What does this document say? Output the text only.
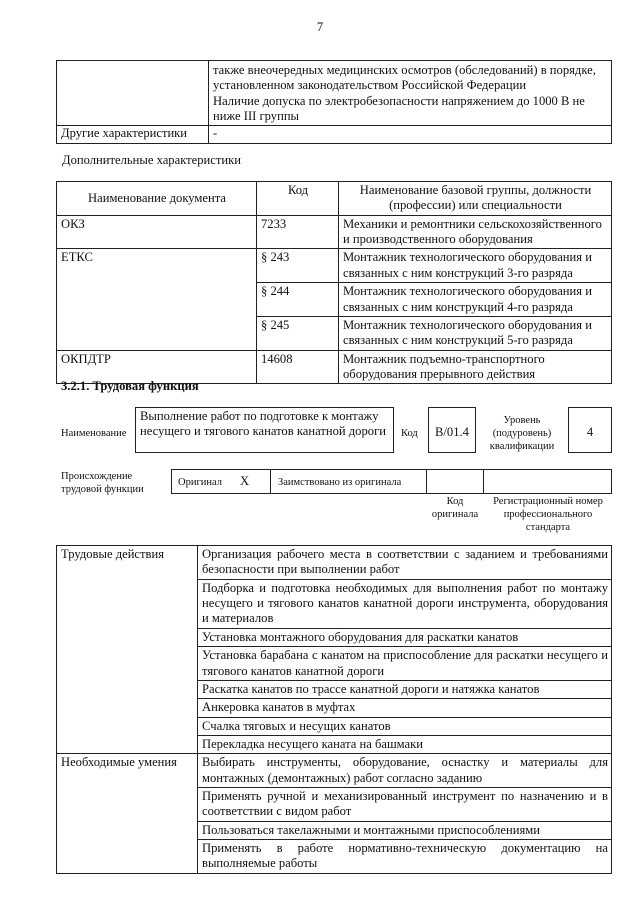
7
	также внеочередных медицинских осмотров (обследований) в порядке, установленном законодательством Российской Федерации
Наличие допуска по электробезопасности напряжением до 1000 В не ниже III группы
Другие характеристики	-
Дополнительные характеристики
Наименование документа	Код	Наименование базовой группы, должности (профессии) или специальности
ОКЗ	7233	Механики и ремонтники сельскохозяйственного и производственного оборудования
ЕТКС	§ 243	Монтажник технологического оборудования и связанных с ним конструкций 3-го разряда
	§ 244	Монтажник технологического оборудования и связанных с ним конструкций 4-го разряда
	§ 245	Монтажник технологического оборудования и связанных с ним конструкций 5-го разряда
ОКПДТР	14608	Монтажник подъемно-транспортного оборудования прерывного действия
3.2.1. Трудовая функция
Наименование
Выполнение работ по подготовке к монтажу несущего и тягового канатов канатной дороги	Код	В/01.4
Уровень (подуровень) квалификации
4
Происхождение трудовой функции
Оригинал Х	Заимствовано из оригинала
Код оригинала
Регистрационный номер профессионального стандарта
Трудовые действия	Организация рабочего места в соответствии с заданием и требованиями безопасности при выполнении работ
	Подборка и подготовка необходимых для выполнения работ по монтажу несущего и тягового канатов канатной дороги инструмента, оборудования и материалов
	Установка монтажного оборудования для раскатки канатов
	Установка барабана с канатом на приспособление для раскатки несущего и тягового канатов канатной дороги
	Раскатка канатов по трассе канатной дороги и натяжка канатов
	Анкеровка канатов в муфтах
	Счалка тяговых и несущих канатов
	Перекладка несущего каната на башмаки
Необходимые умения	Выбирать инструменты, оборудование, оснастку и материалы для монтажных (демонтажных) работ согласно заданию
	Применять ручной и механизированный инструмент по назначению и в соответствии с видом работ
	Пользоваться такелажными и монтажными приспособлениями
	Применять в работе нормативно-техническую документацию на выполняемые работы
